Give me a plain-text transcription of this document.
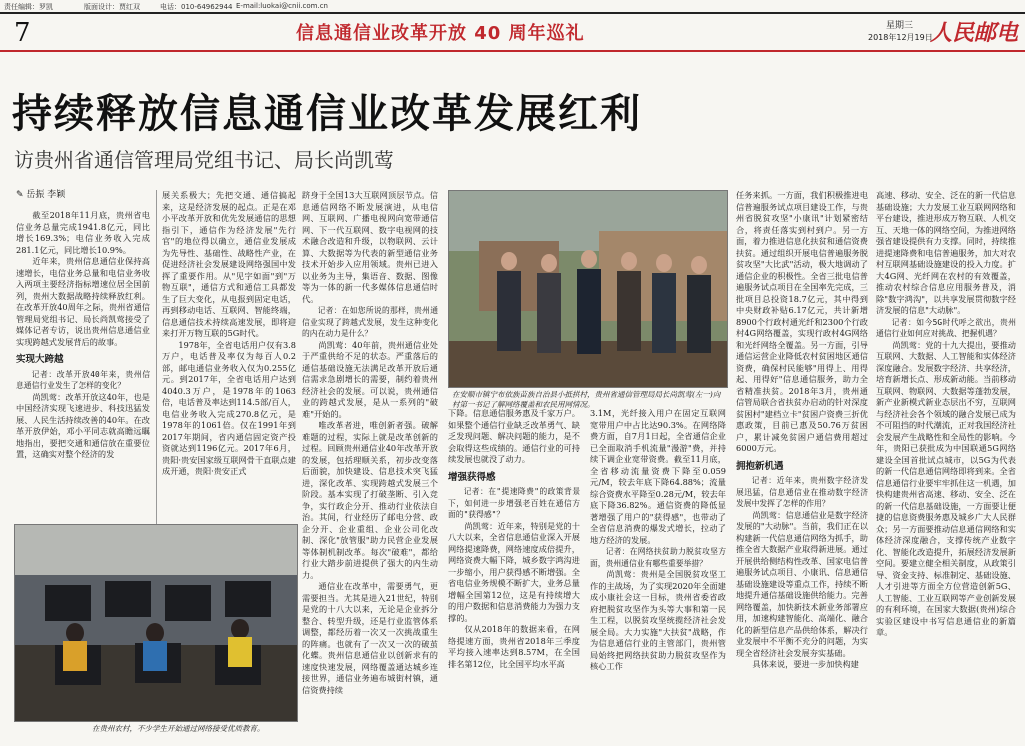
责任编辑：罗凯	版面设计：贾红双	电话：010-64962944 E-mail:luokai@cnii.com.cn
7	信息通信业改革开放 40 周年巡礼	星期三
2018年12月19日
人民邮电
持续释放信息通信业改革发展红利
访贵州省通信管理局党组书记、局长尚凯莺
✎ 岳振 李颖

截至2018年11月底，贵州省电信业务总量完成1941.8亿元，同比增长169.3%；电信业务收入完成281.1亿元，同比增长10.9%。

近年来，贵州信息通信业保持高速增长，电信业务总量和电信业务收入两项主要经济指标增速位居全国前列，贵州大数据战略持续释放红利。在改革开放40周年之际，贵州省通信管理局党组书记、局长尚凯莺接受了媒体记者专访，说出贵州信息通信业实现跨越式发展背后的故事。

实现大跨越

记者：改革开放40年来，贵州信息通信行业发生了怎样的变化？

尚凯莺：改革开放这40年，也是中国经济实现飞速进步、科技迅猛发展、人民生活持续改善的40年。在改革开放伊始，邓小平同志就高瞻远瞩地指出，要把交通和通信放在重要位置，这确实对整个经济的发

展关系极大；先把交通、通信搞起来，这是经济发展的起点。正是在邓小平改革开放和优先发展通信的思想指引下，通信作为经济发展"先行官"的地位得以确立，通信业发展成为先导性、基础性、战略性产业，在促进经济社会发展建设网络强国中发挥了重要作用。从"见字如面"到"万物互联"，通信方式和通信工具都发生了巨大变化，从电报到固定电话，再到移动电话、互联网、智能终端，信息通信技术持续高速发展，即将迎来打开万物互联的5G时代。

1978年，全省电话用户仅有3.8万户，电话普及率仅为每百人0.2部，邮电通信业务收入仅为0.255亿元。到2017年，全省电话用户达到4040.3万户，是1978年的1063倍，电话普及率达到114.5部/百人，电信业务收入完成270.8亿元，是1978年的1061倍。仅在1991年到2017年期间，省内通信固定资产投资就达到1196亿元。2017年6月，贵阳·贵安国家级互联网骨干直联点建成开通，贵阳·贵安正式

跻身于全国13大互联网顶层节点。信息通信网络不断发展演进，从电信网、互联网、广播电视网向宽带通信网、下一代互联网、数字电视网的技术融合改造和升级，以物联网、云计算、大数据等为代表的新型通信业务技术开始步入应用领域。贵州已进入以业务为主导，集语音、数据、图像等为一体的新一代多媒体信息通信时代。

记者：在如您所说的那样，贵州通信业实现了跨越式发展，发生这种变化的内在动力是什么？

尚凯莺：40年前，贵州通信业处于严重供给不足的状态。严重落后的通信基础设施无法满足改革开放后通信需求急剧增长的需要，制约着贵州经济社会的发展。可以说，贵州通信业的跨越式发展，是从一系列的"破难"开始的。

唯改革者进，唯创新者强。破解难题的过程，实际上就是改革创新的过程。回顾贵州通信业40年改革开放的发展，包括理顺关系，初步改变落后面貌，加快建设、信息技术突飞猛进，深化改革、实现跨越式发展三个阶段。基本实现了打破垄断、引入竞争，实行政企分开、推动行业依法自治。其间，行业经历了邮电分营、政企分开、企业重组、企业公司化改制、深化"放管服"助力民营企业发展等体制机制改革。每次"破难"，都给行业大踏步前进提供了强大的内生动力。

通信业在改革中，需要勇气，更需要担当。尤其是进入21世纪，特别是党的十八大以来，无论是企业拆分整合、转型升级，还是行业监管体系调整，都经历着一次又一次挑战重生的阵痛。也就有了一次又一次的破茧化蝶。贵州信息通信业以创新求有的速度快速发展，网络覆盖通达城乡连接世界，通信业务遍布城街村镇，通信资费持续

在安顺市镇宁布依族苗族自治县小抵拱村，贵州省通信管理局局长尚凯莺(左一)向村第一书记了解网络覆盖和农民用网情况。
在贵州农村，不少学生开始通过网络接受优质教育。

下降。信息通信服务惠及千家万户。如果整个通信行业缺乏改革勇气、缺乏发现问题、解决问题的能力，是不会取得这些成绩的。通信行业的可持续发展也就没了动力。

增强获得感

记者：在"提速降费"的政策背景下，如何进一步增强老百姓在通信方面的"获得感"？

尚凯莺：近年来，特别是党的十八大以来，全省信息通信业深入开展网络提速降费，网络速度成倍提升，网络资费大幅下降，城乡数字鸿沟进一步缩小，用户获得感不断增强。全省电信业务规模不断扩大，业务总量增幅全国第12位，这是有持续增大的用户数据和信息消费能力为强力支撑的。

仅从2018年的数据来看，在网络提速方面，贵州省2018年三季度平均接入速率达到8.57M，在全国排名第12位，比全国平均水平高

3.1M，光纤接入用户在固定互联网宽带用户中占比达90.3%。在网络降费方面，自7月1日起，全省通信企业已全面取消手机流量"漫游"费，并持续下调企业宽带资费。截至11月底，全省移动流量资费下降至0.059元/M，较去年底下降64.88%；流量综合资费水平降至0.28元/M，较去年底下降36.82%。通信资费的降低显著增强了用户的"获得感"，也带动了全省信息消费的爆发式增长，拉动了地方经济的发展。

记者：在网络扶贫助力脱贫攻坚方面，贵州通信业有哪些重要举措？

尚凯莺：贵州是全国脱贫攻坚工作的主战场，为了实现2020年全面建成小康社会这一目标，贵州省委省政府把脱贫攻坚作为头等大事和第一民生工程，以脱贫攻坚统揽经济社会发展全局。大力实施"大扶贫"战略，作为信息通信行业的主管部门，贵州管局始终把网络扶贫助力脱贫攻坚作为核心工作

任务来抓。一方面，我们积极推进电信普遍服务试点项目建设工作，与贵州省脱贫攻坚"小康讯"计划紧密结合，将责任落实到村到户。另一方面，着力推进信息化扶贫和通信资费扶贫。通过组织开展电信普遍服务脱贫攻坚"大比武"活动，极大地调动了通信企业的积极性。全省三批电信普遍服务试点项目在全国率先完成，三批项目总投资18.7亿元，其中得到中央财政补贴6.17亿元，共计新增8900个行政村通光纤和2300个行政村4G网络覆盖，实现行政村4G网络和光纤网络全覆盖。另一方面，引导通信运营企业降低农村贫困地区通信资费，确保村民能够"用得上、用得起、用得好"信息通信服务，助力全省精准扶贫。2018年3月，贵州通信管局联合省扶贫办启动的针对深度贫困村"建档立卡"贫困户资费三折优惠政策，目前已惠及50.76万贫困户，累计减免贫困户通信费用超过6000万元。

拥抱新机遇

记者：近年来，贵州数字经济发展迅猛，信息通信业在推动数字经济发展中发挥了怎样的作用？

尚凯莺：信息通信业是数字经济发展的"大动脉"。当前，我们正在以构建新一代信息通信网络为抓手，助推全省大数据产业取得新进展。通过开展供给侧结构性改革、国家电信普遍服务试点项目、小康讯、信息通信基础设施建设等重点工作，持续不断地提升通信基础设施供给能力。完善网络覆盖，加快新技术新业务部署应用，加速构建智能化、高端化、融合化的新型信息产品供给体系，解决行业发展中不平衡不充分的问题，为实现全省经济社会发展夯实基础。

具体来说，要进一步加快构建

高速、移动、安全、泛在的新一代信息基础设施；大力发展工业互联网网络和平台建设，推进形成万物互联、人机交互、天地一体的网络空间，为推进网络强省建设提供有力支撑。同时，持续推进提速降费和电信普遍服务，加大对农村互联网基础设施建设的投入力度。扩大4G网、光纤网在农村的有效覆盖，推动农村综合信息应用服务普及，消除"数字鸿沟"，以共享发展贯彻数字经济发展的信息"大动脉"。

记者：如今5G时代呼之欲出，贵州通信行业如何应对挑战、把握机遇？

尚凯莺：党的十九大提出，要推动互联网、大数据、人工智能和实体经济深度融合。发展数字经济、共享经济，培育新增长点、形成新动能。当前移动互联网、物联网、大数据等蓬勃发展，新产业新模式新业态层出不穷，互联网与经济社会各个领域的融合发展已成为不可阻挡的时代潮流，正对我国经济社会发展产生战略性和全局性的影响。今年，贵阳已获批成为中国联通5G网络建设全国首批试点城市，以5G为代表的新一代信息通信网络即将到来。全省信息通信行业要牢牢抓住这一机遇，加快构建贵州省高速、移动、安全、泛在的新一代信息基础设施，一方面要让便捷的信息资费服务惠及城乡广大人民群众；另一方面要推动信息通信网络和实体经济深度融合，支撑传统产业数字化、智能化改造提升，拓展经济发展新空间。要建立健全相关制度，从政策引导、资金支持、标准制定、基础设施、人才引进等方面全方位营造创新5G、人工智能、工业互联网等产业创新发展的有利环境，在国家大数据(贵州)综合实验区建设中书写信息通信业的新篇章。
